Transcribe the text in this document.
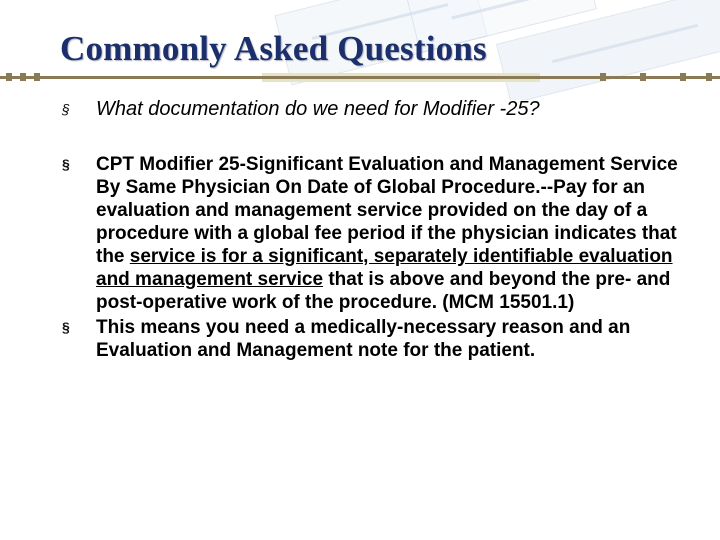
Commonly Asked Questions
§ What documentation do we need for Modifier -25?
§ CPT Modifier 25-Significant Evaluation and Management Service By Same Physician On Date of Global Procedure.--Pay for an evaluation and management service provided on the day of a procedure with a global fee period if the physician indicates that the service is for a significant, separately identifiable evaluation and management service that is above and beyond the pre- and post-operative work of the procedure. (MCM 15501.1)
§ This means you need a medically-necessary reason and an Evaluation and Management note for the patient.
